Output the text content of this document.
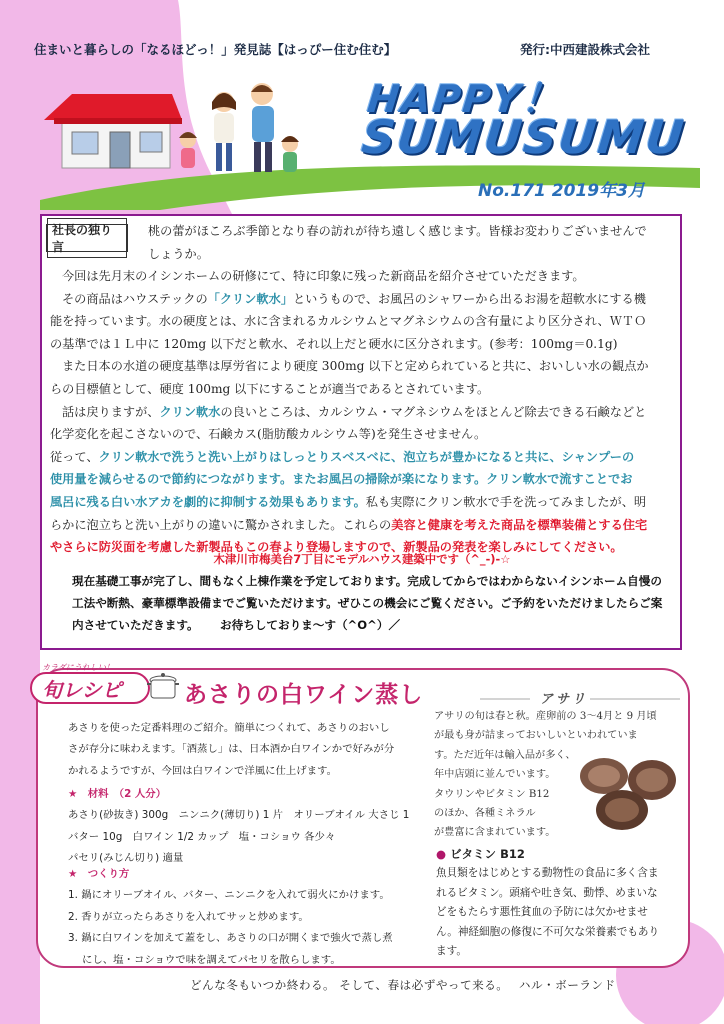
住まいと暮らしの「なるほどっ！」発見誌【はっぴー住む住む】	発行:中西建設株式会社
HAPPY！
SUMUSUMU
No.171 2019年3月
社長の独り言

桃の蕾がほころぶ季節となり春の訪れが待ち遠しく感じます。皆様お変わりございませんで

しょうか。

今回は先月末のイシンホームの研修にて、特に印象に残った新商品を紹介させていただきます。

その商品はハウステックの「クリン軟水」というもので、お風呂のシャワーから出るお湯を超軟水にする機

能を持っています。水の硬度とは、水に含まれるカルシウムとマグネシウムの含有量により区分され、ＷＴＯ

の基準では１Ｌ中に 120mg 以下だと軟水、それ以上だと硬水に区分されます。(参考：100mg＝0.1g)

また日本の水道の硬度基準は厚労省により硬度 300mg 以下と定められていると共に、おいしい水の観点か

らの目標値として、硬度 100mg 以下にすることが適当であるとされています。

話は戻りますが、クリン軟水の良いところは、カルシウム・マグネシウムをほとんど除去できる石鹸などと

化学変化を起こさないので、石鹸カス(脂肪酸カルシウム等)を発生させません。

従って、クリン軟水で洗うと洗い上がりはしっとりスベスベに、泡立ちが豊かになると共に、シャンプーの

使用量を減らせるので節約につながります。またお風呂の掃除が楽になります。クリン軟水で流すことでお

風呂に残る白い水アカを劇的に抑制する効果もあります。私も実際にクリン軟水で手を洗ってみましたが、明

らかに泡立ちと洗い上がりの違いに驚かされました。これらの美容と健康を考えた商品を標準装備とする住宅

やさらに防災面を考慮した新製品もこの春より登場しますので、新製品の発表を楽しみにしてください。

木津川市梅美台7丁目にモデルハウス建築中です（^_-)-☆
現在基礎工事が完了し、間もなく上棟作業を予定しております。完成してからではわからないイシンホーム自慢の
工法や断熱、豪華標準設備までご覧いただけます。ぜひこの機会にご覧ください。ご予約をいただけましたらご案
内させていただきます。　　 お待ちしておりま～す（^O^）／
カラダにうれしい！
旬レシピ	あさりの白ワイン蒸し
あさりを使った定番料理のご紹介。簡単につくれて、あさりのおいし
さが存分に味わえます。「酒蒸し」は、日本酒か白ワインかで好みが分
かれるようですが、今回は白ワインで洋風に仕上げます。
★　材料　（2 人分）
あさり(砂抜き) 300g　ニンニク(薄切り) 1 片　オリーブオイル 大さじ 1
バター 10g　白ワイン 1/2 カップ　塩・コショウ 各少々
パセリ(みじん切り) 適量
★　つくり方
1. 鍋にオリーブオイル、バター、ニンニクを入れて弱火にかけます。
2. 香りが立ったらあさりを入れてサッと炒めます。
3. 鍋に白ワインを加えて蓋をし、あさりの口が開くまで強火で蒸し煮
にし、塩・コショウで味を調えてパセリを散らします。
アサリ
アサリの旬は春と秋。産卵前の 3～4月と 9 月頃
が最も身が詰まっておいしいといわれていま
す。ただ近年は輸入品が多く、
年中店頭に並んでいます。
タウリンやビタミン B12
のほか、各種ミネラル
が豊富に含まれています。
● ビタミン B12
魚貝類をはじめとする動物性の食品に多く含ま
れるビタミン。頭痛や吐き気、動悸、めまいな
どをもたらす悪性貧血の予防には欠かせませ
ん。神経細胞の修復に不可欠な栄養素でもあり
ます。
どんな冬もいつか終わる。 そして、春は必ずやって来る。　 ハル・ボーランド
